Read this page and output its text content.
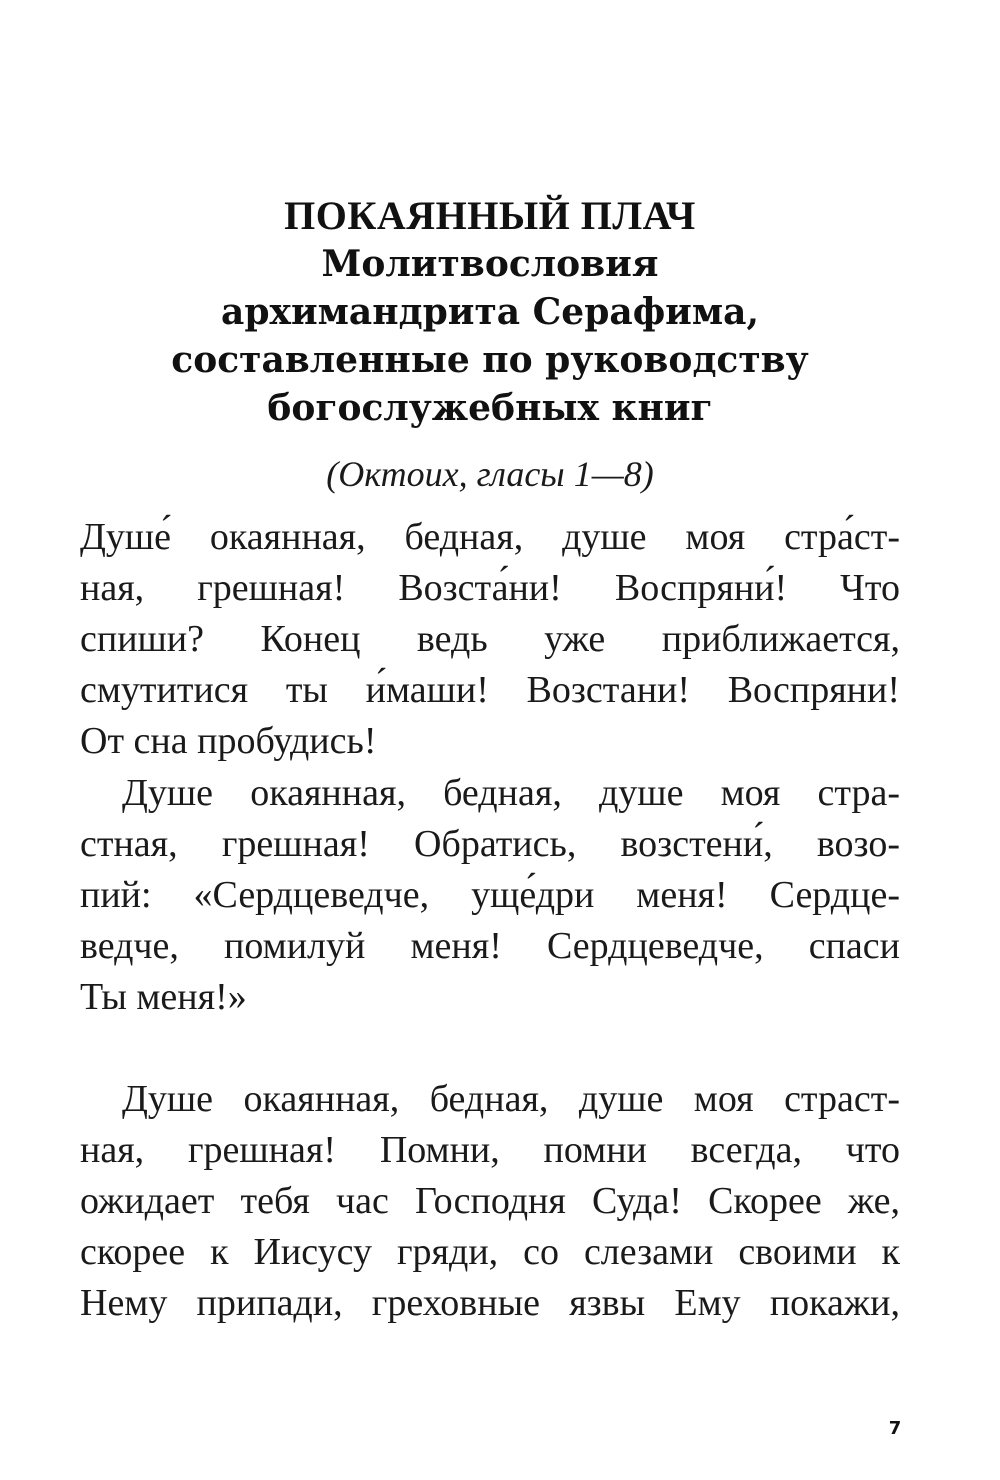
ПОКАЯННЫЙ ПЛАЧ
Молитвословия
архимандрита Серафима,
составленные по руководству
богослужебных книг
(Октоих, гласы 1—8)
Душе́ окаянная, бедная, душе моя стра́ст-
ная, грешная! Возста́ни! Воспряни́! Что
спиши? Конец ведь уже приближается,
смутитися ты и́маши! Возстани! Воспряни!
От сна пробудись!
Душе окаянная, бедная, душе моя стра-
стная, грешная! Обратись, возстени́, возо-
пий: «Сердцеведче, уще́дри меня! Сердце-
ведче, помилуй меня! Сердцеведче, спаси
Ты меня!»
Душе окаянная, бедная, душе моя страст-
ная, грешная! Помни, помни всегда, что
ожидает тебя час Господня Суда! Скорее же,
скорее к Иисусу гряди, со слезами своими к
Нему припади, греховные язвы Ему покажи,
7
